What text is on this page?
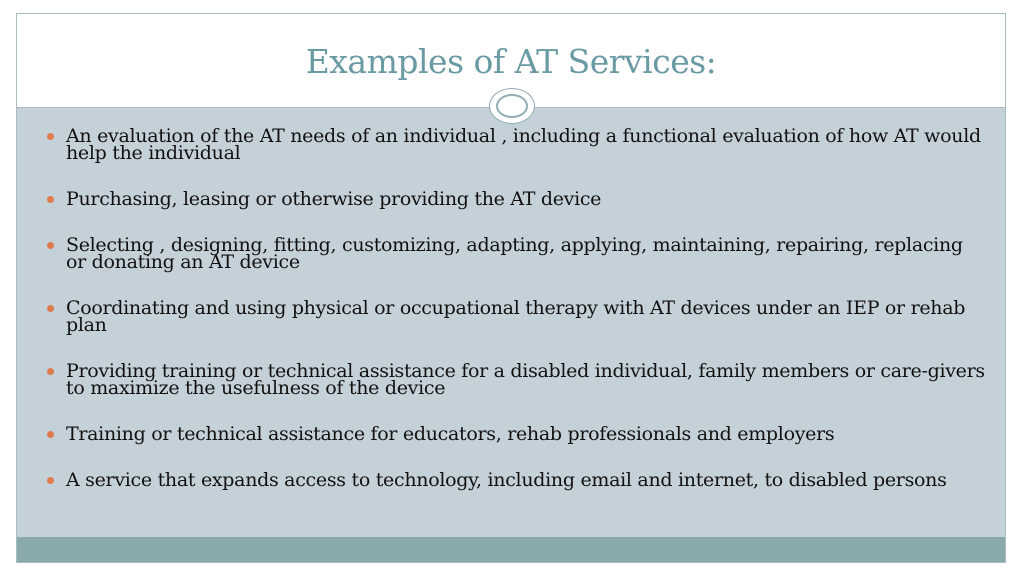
Examples of AT Services:
An evaluation of the AT needs of an individual , including a functional evaluation of how AT would help the individual
Purchasing, leasing or otherwise providing the AT device
Selecting , designing, fitting, customizing, adapting, applying, maintaining, repairing, replacing or donating an AT device
Coordinating and using physical or occupational therapy with AT devices under an IEP or rehab plan
Providing training or technical assistance for a disabled individual, family members or care-givers to maximize the usefulness of the device
Training or technical assistance for educators, rehab professionals and employers
A service that expands access to technology, including email and internet, to disabled persons
